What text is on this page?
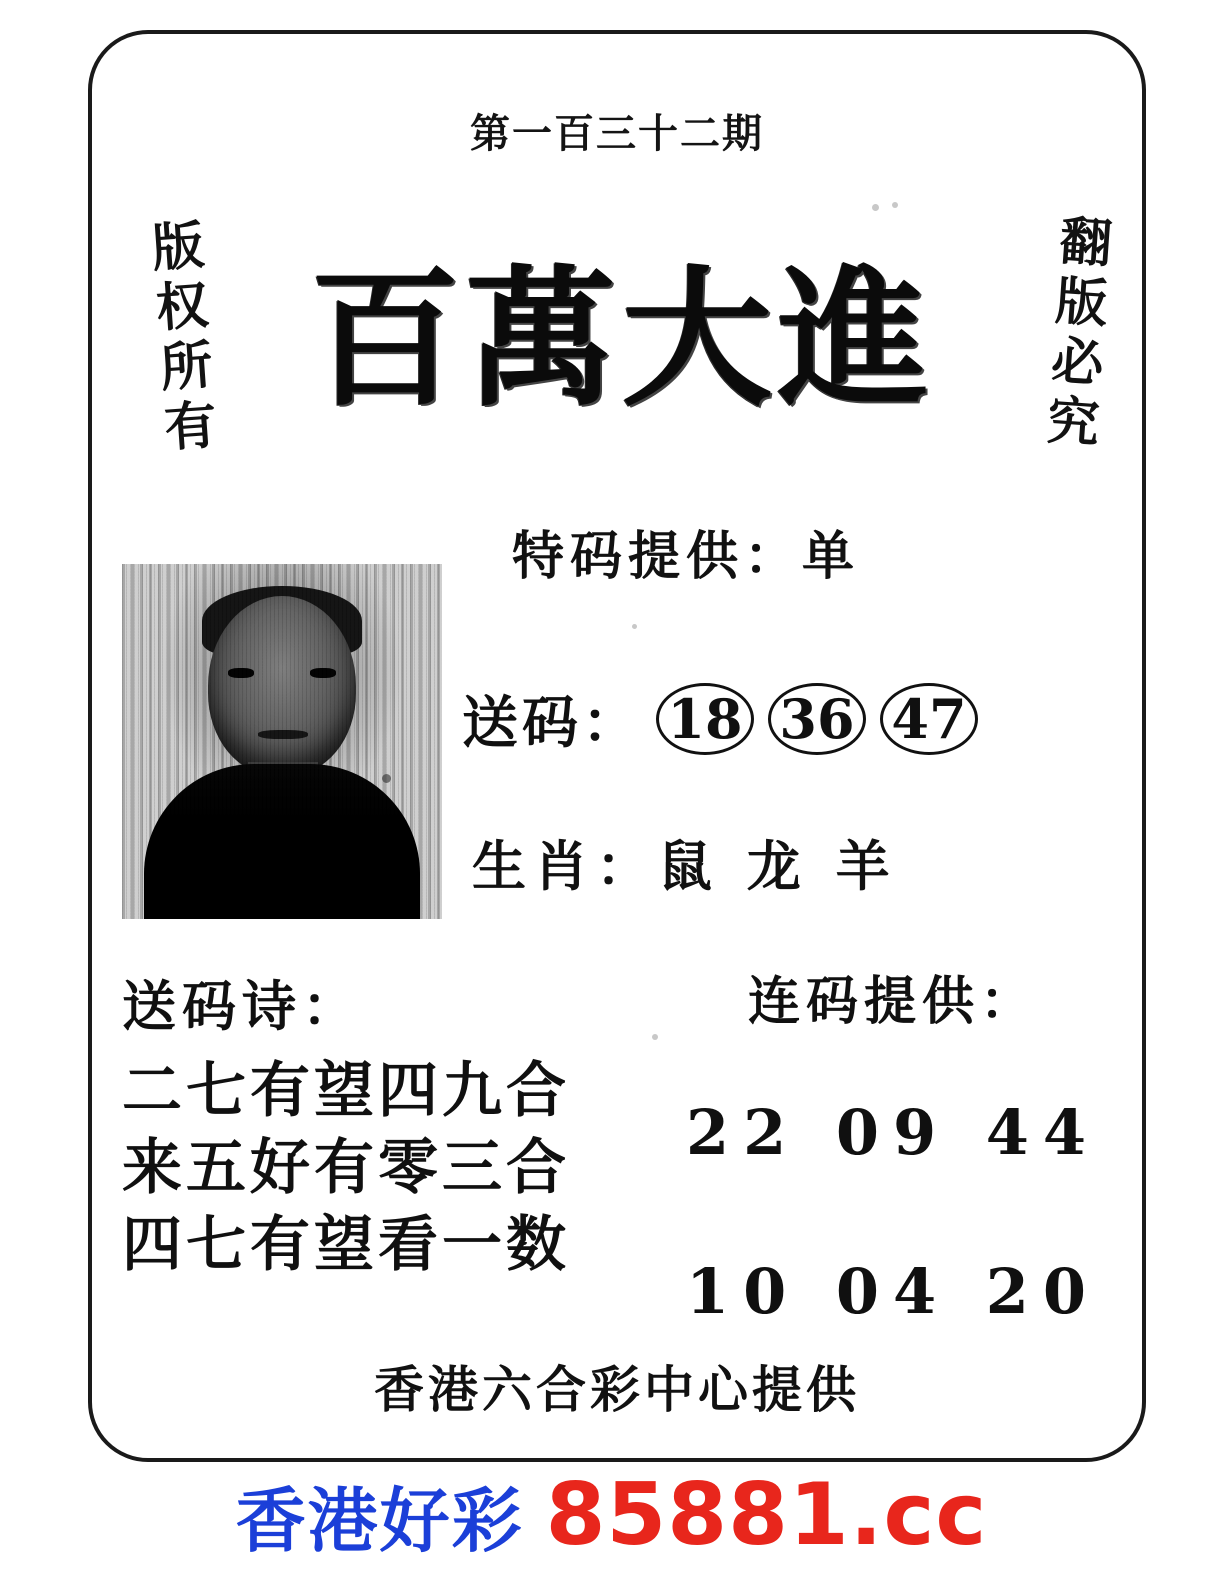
第一百三十二期
版权所有	翻版必究
百萬大進
特码提供：单
送码： 18 36 47
生肖：鼠 龙 羊
送码诗：
二七有望四九合
来五好有零三合
四七有望看一数
连码提供：
22 09 44
10 04 20
香港六合彩中心提供
香港好彩 85881.cc
